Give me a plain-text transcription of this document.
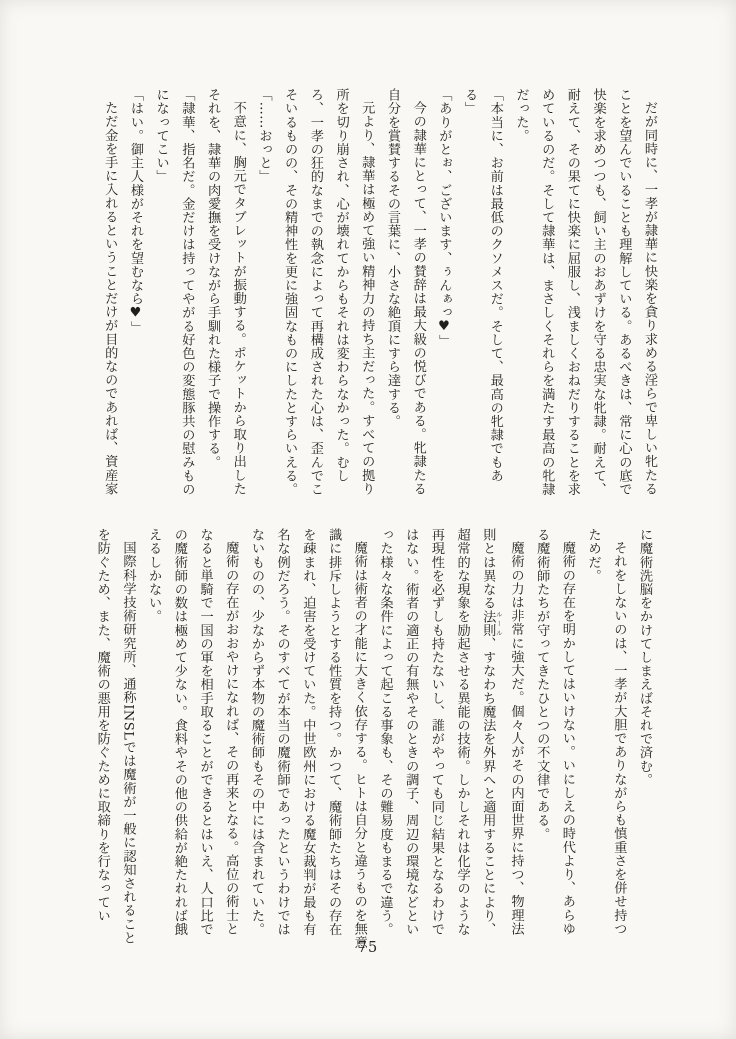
だが同時に、一孝が隷華に快楽を貪り求める淫らで卑しい牝たる

ことを望んでいることも理解している。あるべきは、常に心の底で

快楽を求めつつも、飼い主のおあずけを守る忠実な牝隷。耐えて、

耐えて、その果てに快楽に屈服し、浅ましくおねだりすることを求

めているのだ。そして隷華は、まさしくそれらを満たす最高の牝隷

だった。

「本当に、お前は最低のクソメスだ。そして、最高の牝隷でもあ

る」

「ありがとぉ、ございます、ぅんぁっ♥」

今の隷華にとって、一孝の賛辞は最大級の悦びである。牝隷たる

自分を賞賛するその言葉に、小さな絶頂にすら達する。

元より、隷華は極めて強い精神力の持ち主だった。すべての拠り

所を切り崩され、心が壊れてからもそれは変わらなかった。むし

ろ、一孝の狂的なまでの執念によって再構成された心は、歪んでこ

そいるものの、その精神性を更に強固なものにしたとすらいえる。

「……おっと」

不意に、胸元でタブレットが振動する。ポケットから取り出した

それを、隷華の肉愛撫を受けながら手馴れた様子で操作する。

「隷華、指名だ。金だけは持ってやがる好色の変態豚共の慰みもの

になってこい」

「はい。御主人様がそれを望むなら♥」

ただ金を手に入れるということだけが目的なのであれば、資産家

に魔術洗脳をかけてしまえばそれで済む。

それをしないのは、一孝が大胆でありながらも慎重さを併せ持つ

ためだ。

魔術の存在を明かしてはいけない。いにしえの時代より、あらゆ

る魔術師たちが守ってきたひとつの不文律である。

魔術の力は非常に強大だ。個々人がその内面世界に持つ、物理法

則とは異なる法則 ルール、すなわち魔法を外界へと適用することにより、

超常的な現象を励起させる異能の技術。しかしそれは化学のような

再現性を必ずしも持たないし、誰がやっても同じ結果となるわけで

はない。術者の適正の有無やそのときの調子、周辺の環境などとい

った様々な条件によって起こる事象も、その難易度もまるで違う。

魔術は術者の才能に大きく依存する。ヒトは自分と違うものを無意

識に排斥しようとする性質を持つ。かつて、魔術師たちはその存在

を疎まれ、迫害を受けていた。中世欧州における魔女裁判が最も有

名な例だろう。そのすべてが本当の魔術師であったというわけでは

ないものの、少なからず本物の魔術師もその中には含まれていた。

魔術の存在がおおやけになれば、その再来となる。高位の術士と

なると単騎で一国の軍を相手取ることができるとはいえ、人口比で

の魔術師の数は極めて少ない。食料やその他の供給が絶たれれば餓

えるしかない。

国際科学技術研究所、通称INSLでは魔術が一般に認知されること

を防ぐため、また、魔術の悪用を防ぐために取締りを行なってい

75
